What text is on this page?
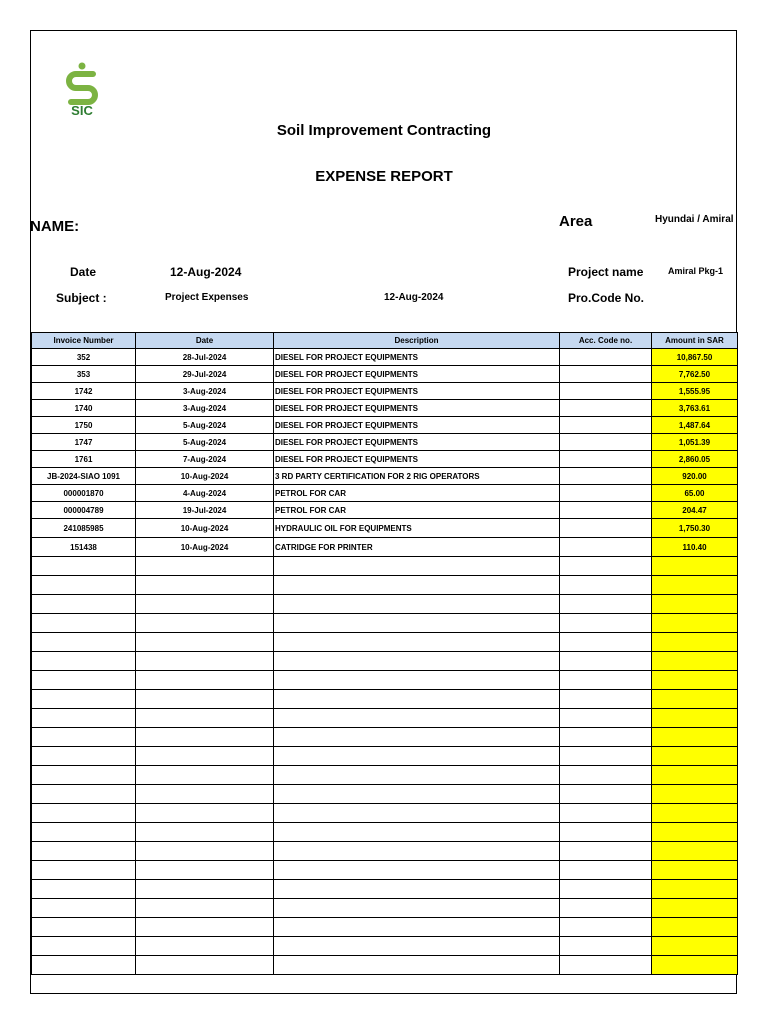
SIC
Soil Improvement Contracting
EXPENSE REPORT
NAME:	Area	Hyundai / Amiral
Date	12-Aug-2024	Project name	Amiral Pkg-1
Subject :	Project Expenses	12-Aug-2024	Pro.Code No.
Invoice Number	Date	Description	Acc. Code no.	Amount in SAR
352	28-Jul-2024	DIESEL FOR PROJECT EQUIPMENTS		10,867.50
353	29-Jul-2024	DIESEL FOR PROJECT EQUIPMENTS		7,762.50
1742	3-Aug-2024	DIESEL FOR PROJECT EQUIPMENTS		1,555.95
1740	3-Aug-2024	DIESEL FOR PROJECT EQUIPMENTS		3,763.61
1750	5-Aug-2024	DIESEL FOR PROJECT EQUIPMENTS		1,487.64
1747	5-Aug-2024	DIESEL FOR PROJECT EQUIPMENTS		1,051.39
1761	7-Aug-2024	DIESEL FOR PROJECT EQUIPMENTS		2,860.05
JB-2024-SIAO 1091	10-Aug-2024	3 RD PARTY CERTIFICATION FOR 2 RIG OPERATORS		920.00
000001870	4-Aug-2024	PETROL FOR CAR		65.00
000004789	19-Jul-2024	PETROL FOR CAR		204.47
241085985	10-Aug-2024	HYDRAULIC OIL FOR EQUIPMENTS		1,750.30
151438	10-Aug-2024	CATRIDGE FOR PRINTER		110.40
